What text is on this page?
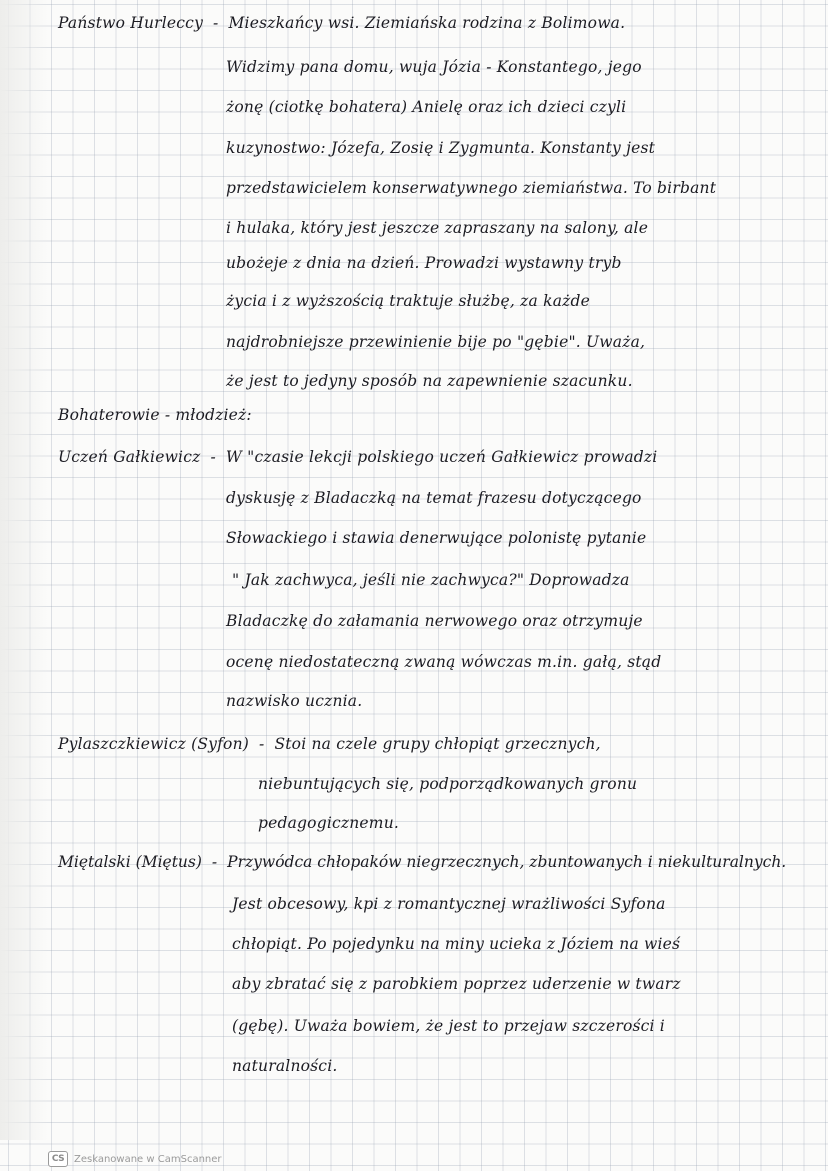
Państwo Hurleccy - Mieszkańcy wsi. Ziemiańska rodzina z Bolimowa.

Widzimy pana domu, wuja Józia - Konstantego, jego

żonę (ciotkę bohatera) Anielę oraz ich dzieci czyli

kuzynostwo: Józefa, Zosię i Zygmunta. Konstanty jest

przedstawicielem konserwatywnego ziemiaństwa. To birbant

i hulaka, który jest jeszcze zapraszany na salony, ale

ubożeje z dnia na dzień. Prowadzi wystawny tryb

życia i z wyższością traktuje służbę, za każde

najdrobniejsze przewinienie bije po "gębie". Uważa,

że jest to jedyny sposób na zapewnienie szacunku.

Bohaterowie - młodzież:

Uczeń Gałkiewicz - W "czasie lekcji polskiego uczeń Gałkiewicz prowadzi

dyskusję z Bladaczką na temat frazesu dotyczącego

Słowackiego i stawia denerwujące polonistę pytanie

" Jak zachwyca, jeśli nie zachwyca?" Doprowadza

Bladaczkę do załamania nerwowego oraz otrzymuje

ocenę niedostateczną zwaną wówczas m.in. gałą, stąd

nazwisko ucznia.

Pylaszczkiewicz (Syfon) - Stoi na czele grupy chłopiąt grzecznych,

niebuntujących się, podporządkowanych gronu

pedagogicznemu.

Miętalski (Miętus) - Przywódca chłopaków niegrzecznych, zbuntowanych i niekulturalnych.

Jest obcesowy, kpi z romantycznej wrażliwości Syfona

chłopiąt. Po pojedynku na miny ucieka z Józiem na wieś

aby zbratać się z parobkiem poprzez uderzenie w twarz

(gębę). Uważa bowiem, że jest to przejaw szczerości i

naturalności.

CS Zeskanowane w CamScanner
